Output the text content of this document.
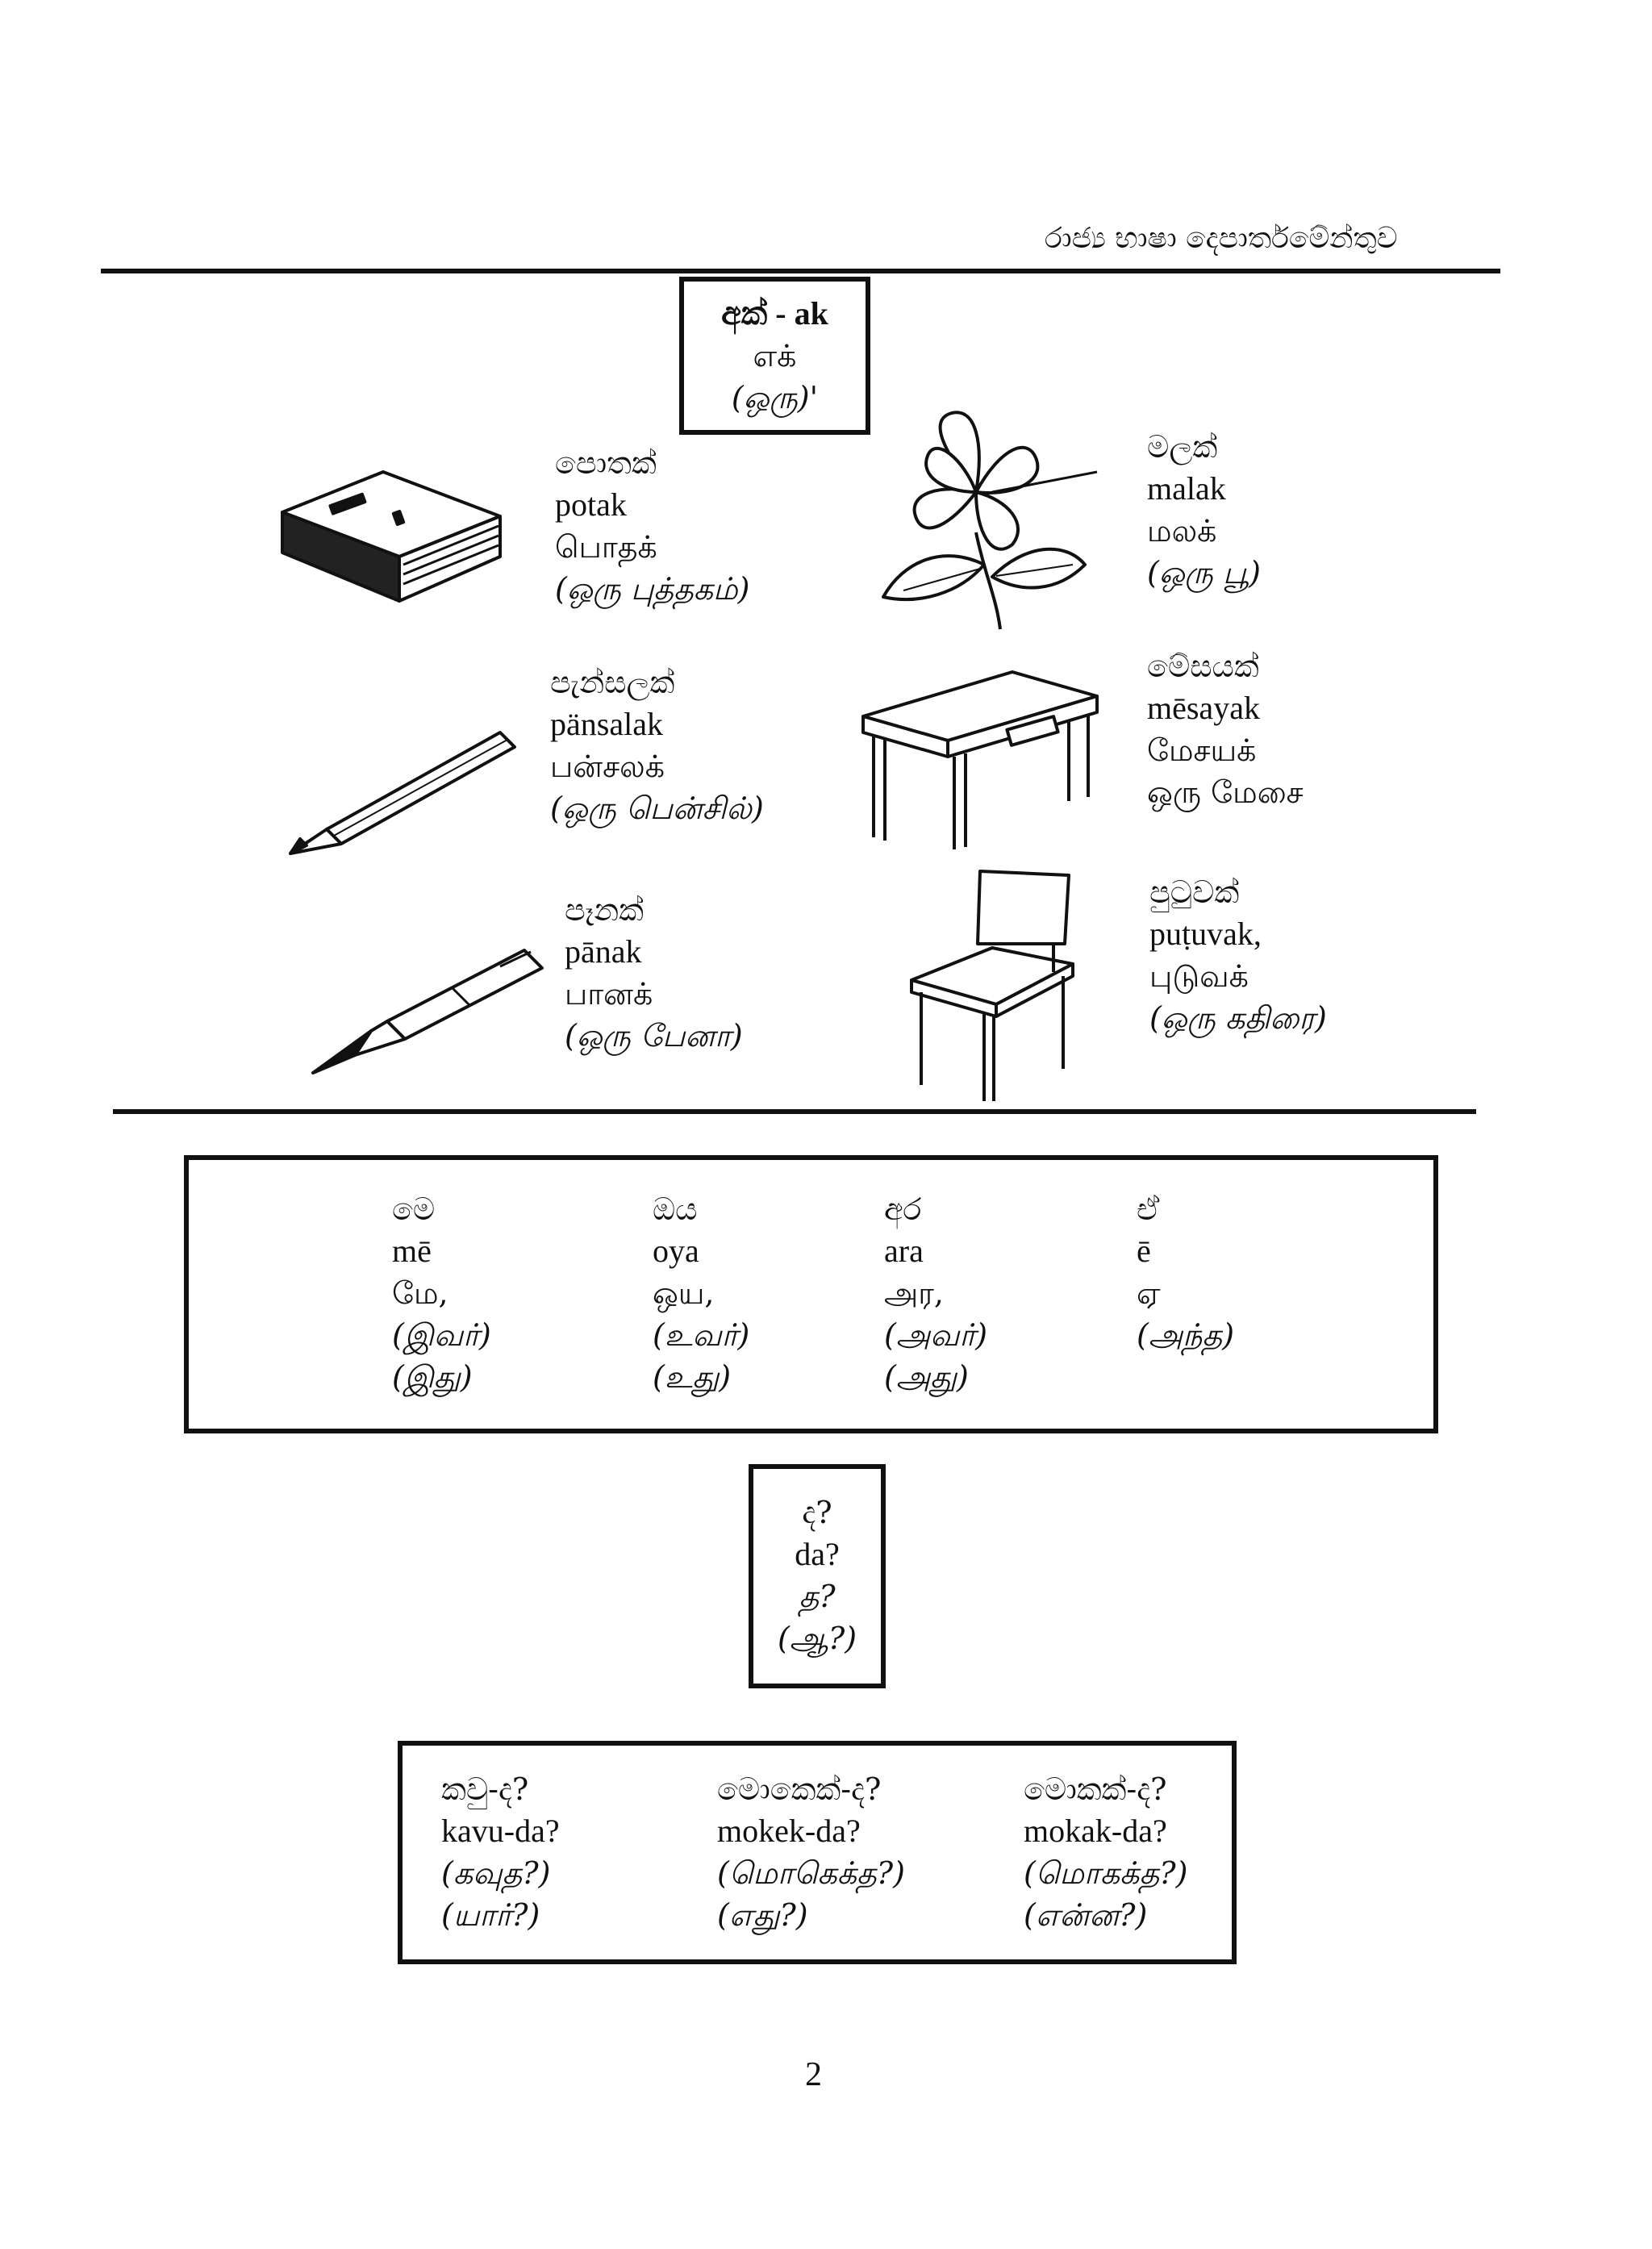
රාජ්‍ය භාෂා දෙපාර්තමේන්තුව
අක් - ak
எக்
(ஒரு)'
පොතක්
potak
பொதக்
(ஒரு புத்தகம்)
මලක්
malak
மலக்
(ஒரு பூ)
පැන්සලක්
pänsalak
பன்சலக்
(ஒரு பென்சில்)
මේසයක්
mēsayak
மேசயக்
ஒரு மேசை
පෑනක්
pānak
பானக்
(ஒரு பேனா)
පුටුවක්
puṭuvak,
புடுவக்
(ஒரு கதிரை)
මෙ
mē
மே,
(இவர்)
(இது)
ඔය
oya
ஒய,
(உவர்)
(உது)
අර
ara
அர,
(அவர்)
(அது)
ඒ
ē
ஏ
(அந்த)
ද?
da?
த?
(ஆ?)
කවු-ද?
kavu-da?
(கவுத?)
(யார்?)
මොකෙක්-ද?
mokek-da?
(மொகெக்த?)
(எது?)
මොකක්-ද?
mokak-da?
(மொகக்த?)
(என்ன?)
2
